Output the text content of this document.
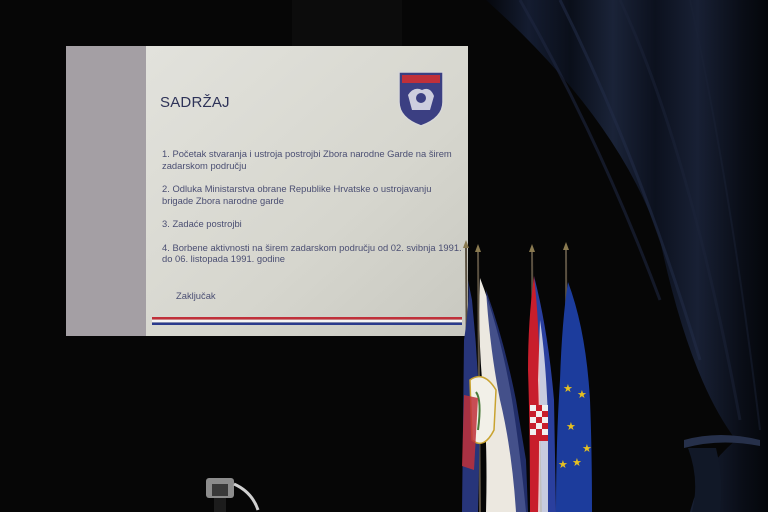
★ ★
★
★
★
★
SADRŽAJ
1. Početak stvaranja i ustroja postrojbi Zbora narodne Garde na širem zadarskom području
2. Odluka Ministarstva obrane Republike Hrvatske o ustrojavanju brigade Zbora narodne garde
3. Zadaće postrojbi
4. Borbene aktivnosti na širem zadarskom području od 02. svibnja 1991. do 06. listopada 1991. godine
Zaključak
